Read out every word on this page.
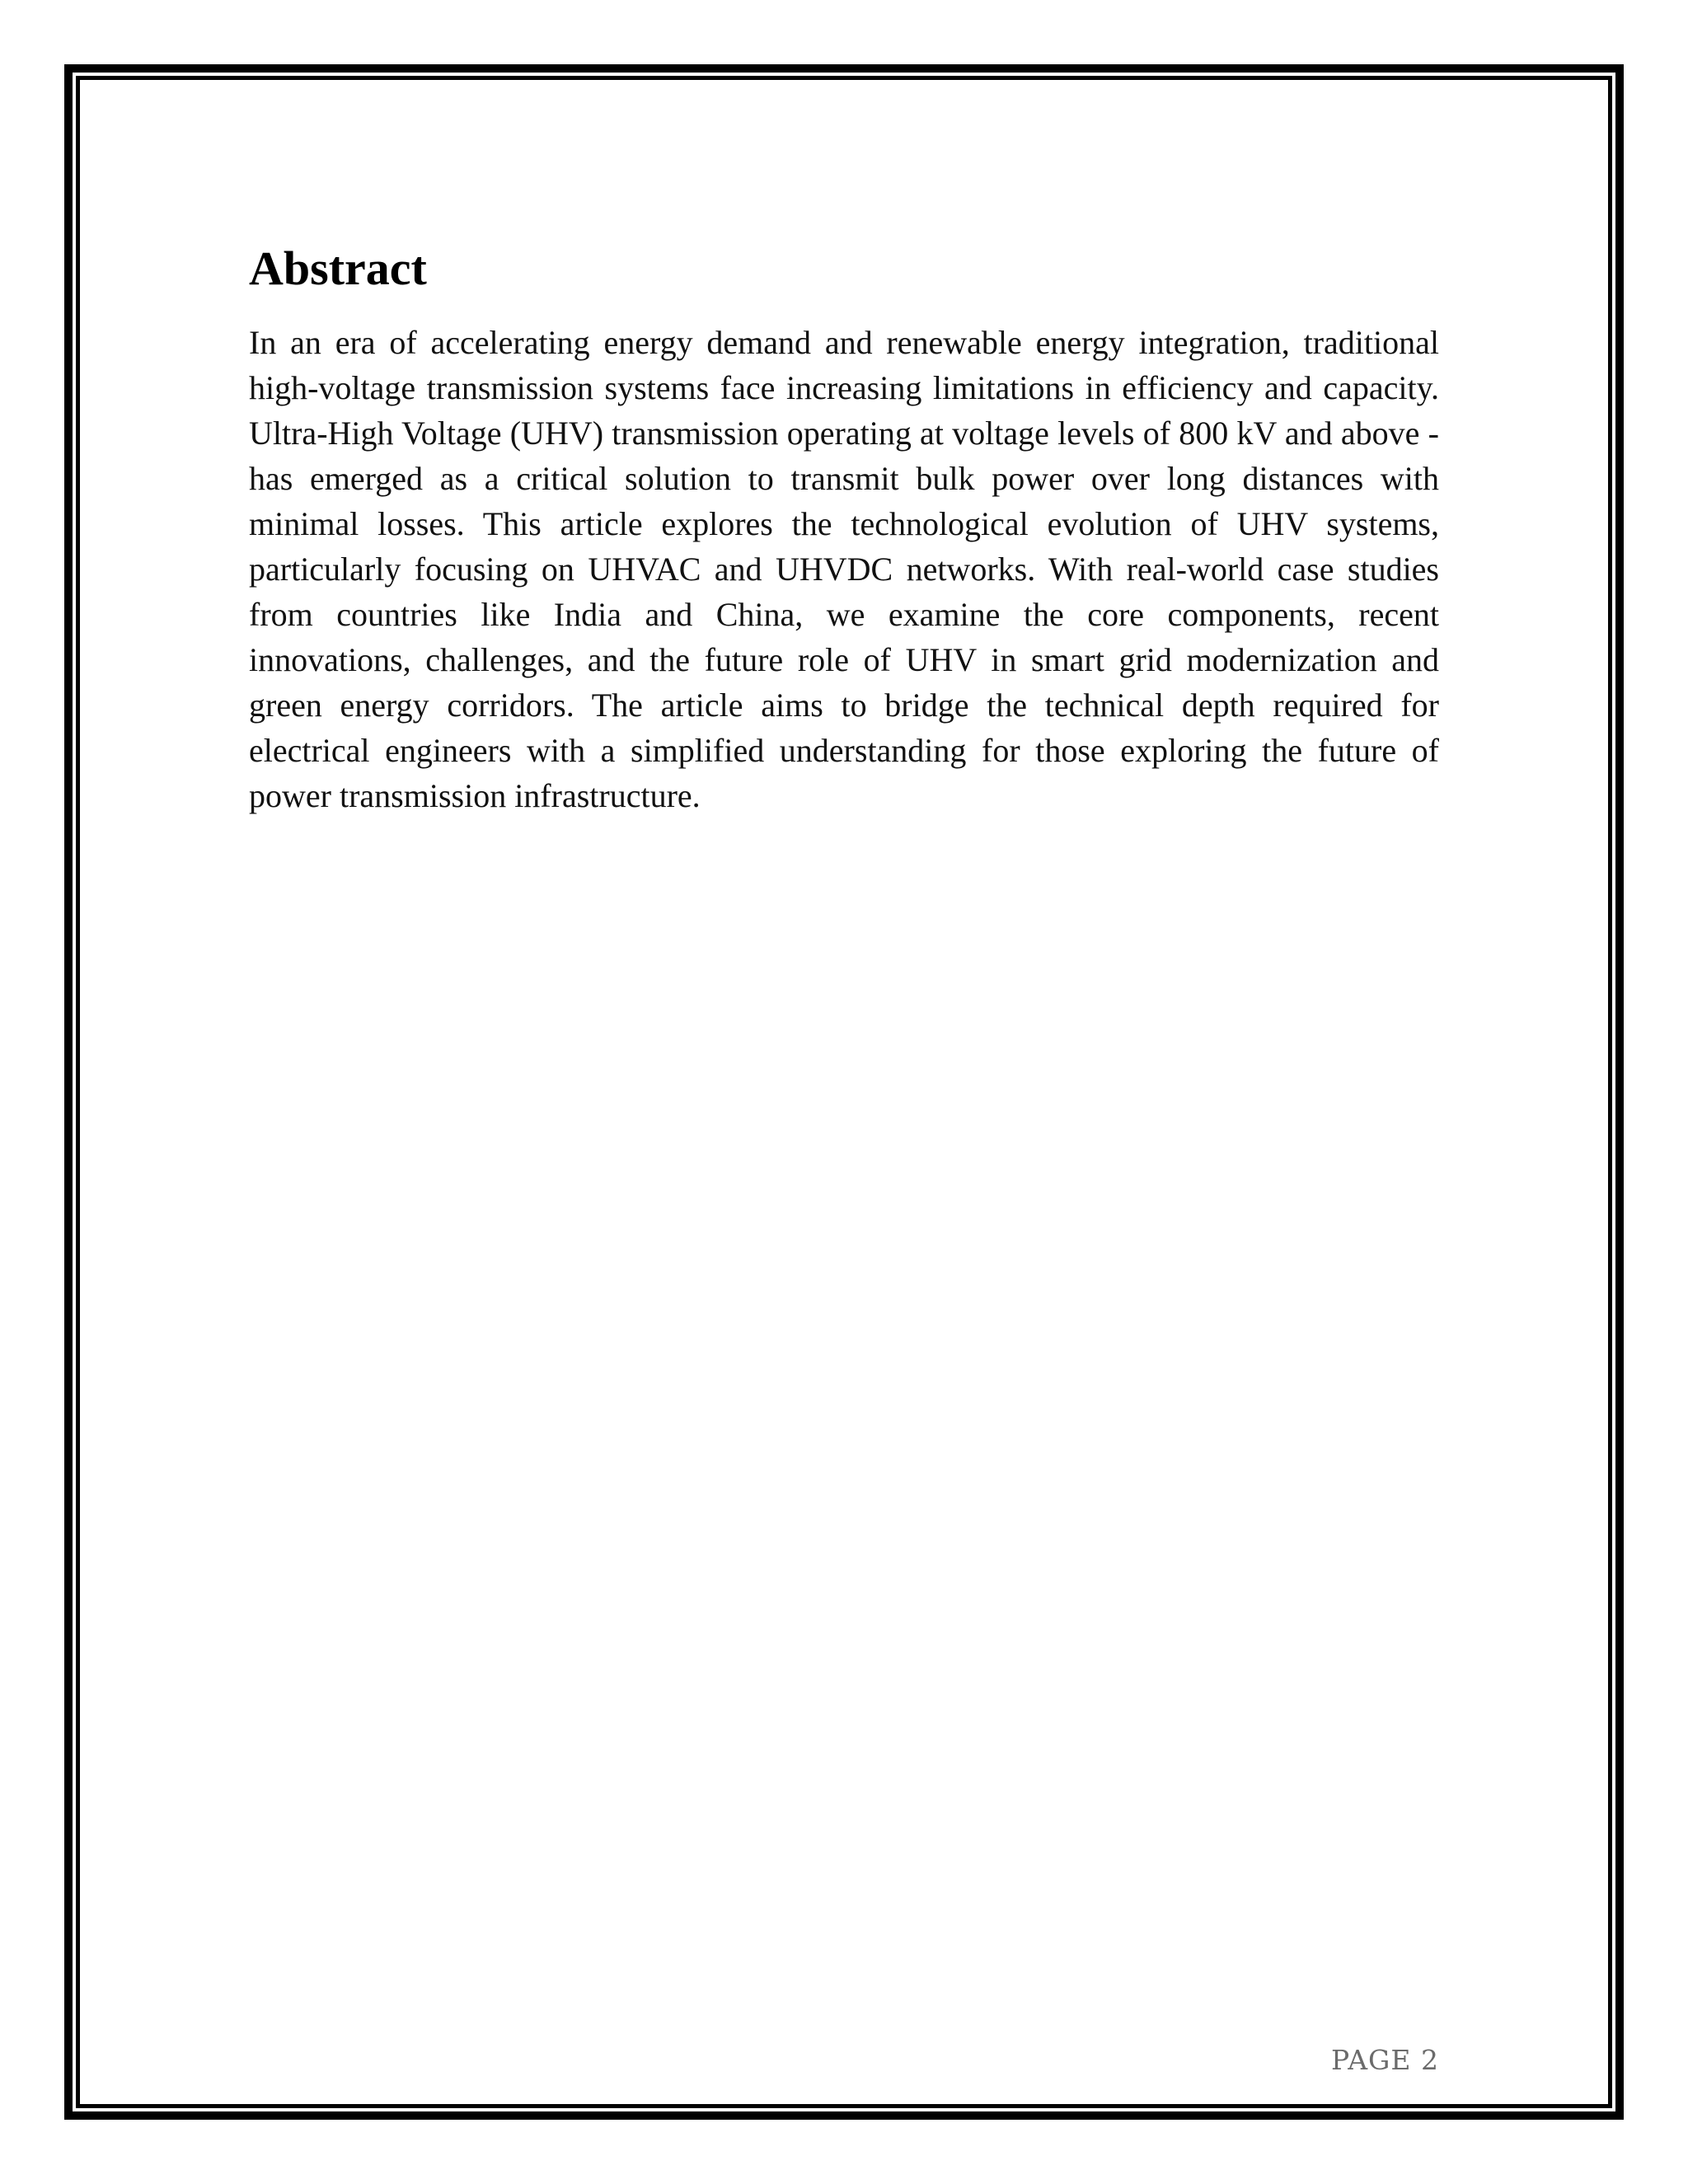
Abstract

In an era of accelerating energy demand and renewable energy integration, traditional high-voltage transmission systems face increasing limitations in efficiency and capacity. Ultra-High Voltage (UHV) transmission operating at voltage levels of 800 kV and above - has emerged as a critical solution to transmit bulk power over long distances with minimal losses. This article explores the technological evolution of UHV systems, particularly focusing on UHVAC and UHVDC networks. With real-world case studies from countries like India and China, we examine the core components, recent innovations, challenges, and the future role of UHV in smart grid modernization and green energy corridors. The article aims to bridge the technical depth required for electrical engineers with a simplified understanding for those exploring the future of power transmission infrastructure.

PAGE 2
